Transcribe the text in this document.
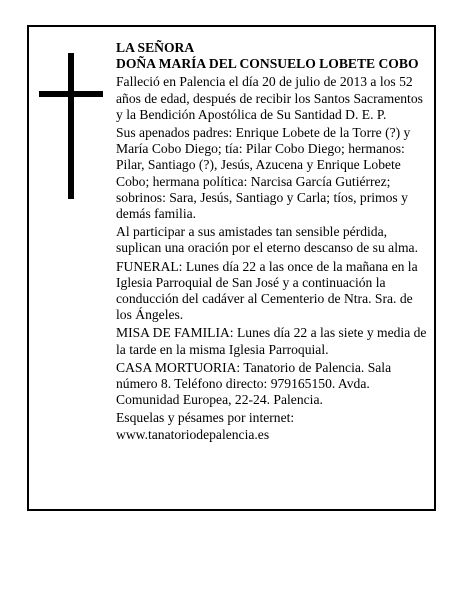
LA SEÑORA

DOÑA MARÍA DEL CONSUELO LOBETE COBO

Falleció en Palencia el día 20 de julio de 2013 a los 52 años de edad, después de recibir los Santos Sacramentos y la Bendición Apostólica de Su Santidad D. E. P.

Sus apenados padres: Enrique Lobete de la Torre (?) y María Cobo Diego; tía: Pilar Cobo Diego; hermanos: Pilar, Santiago (?), Jesús, Azucena y Enrique Lobete Cobo; hermana política: Narcisa García Gutiérrez; sobrinos: Sara, Jesús, Santiago y Carla; tíos, primos y demás familia.

Al participar a sus amistades tan sensible pérdida, suplican una oración por el eterno descanso de su alma.

FUNERAL: Lunes día 22 a las once de la mañana en la Iglesia Parroquial de San José y a continuación la conducción del cadáver al Cementerio de Ntra. Sra. de los Ángeles.

MISA DE FAMILIA: Lunes día 22 a las siete y media de la tarde en la misma Iglesia Parroquial.

CASA MORTUORIA: Tanatorio de Palencia. Sala número 8. Teléfono directo: 979165150. Avda. Comunidad Europea, 22-24. Palencia.

Esquelas y pésames por internet: www.tanatoriodepalencia.es
